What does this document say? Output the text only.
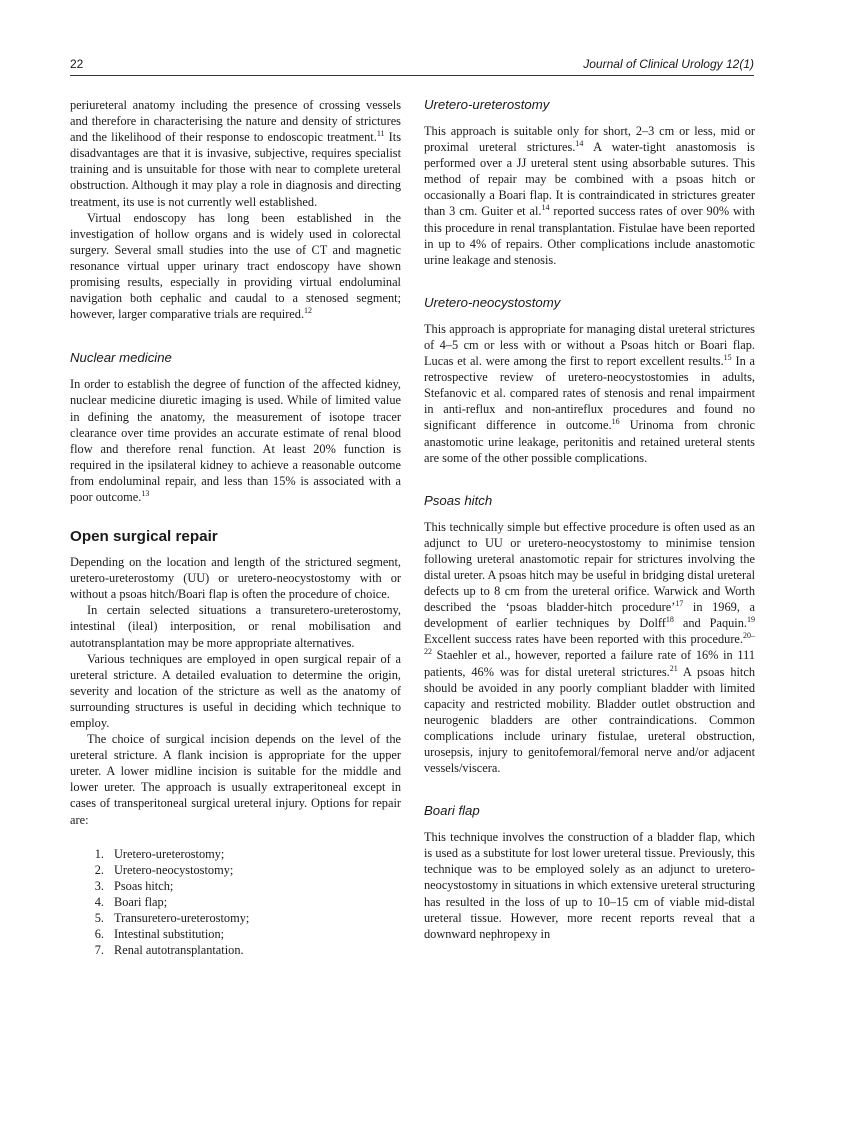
22	Journal of Clinical Urology 12(1)

periureteral anatomy including the presence of crossing vessels and therefore in characterising the nature and density of strictures and the likelihood of their response to endoscopic treatment.$^{11}$ Its disadvantages are that it is invasive, subjective, requires specialist training and is unsuitable for those with near to complete ureteral obstruction. Although it may play a role in diagnosis and directing treatment, its use is not currently well established.

Virtual endoscopy has long been established in the investigation of hollow organs and is widely used in colorectal surgery. Several small studies into the use of CT and magnetic resonance virtual upper urinary tract endoscopy have shown promising results, especially in providing virtual endoluminal navigation both cephalic and caudal to a stenosed segment; however, larger comparative trials are required.$^{12}$

Nuclear medicine

In order to establish the degree of function of the affected kidney, nuclear medicine diuretic imaging is used. While of limited value in defining the anatomy, the measurement of isotope tracer clearance over time provides an accurate estimate of renal blood flow and therefore renal function. At least 20% function is required in the ipsilateral kidney to achieve a reasonable outcome from endoluminal repair, and less than 15% is associated with a poor outcome.$^{13}$

Open surgical repair

Depending on the location and length of the strictured segment, uretero-ureterostomy (UU) or uretero-neocystostomy with or without a psoas hitch/Boari flap is often the procedure of choice.

In certain selected situations a transuretero-ureterostomy, intestinal (ileal) interposition, or renal mobilisation and autotransplantation may be more appropriate alternatives.

Various techniques are employed in open surgical repair of a ureteral stricture. A detailed evaluation to determine the origin, severity and location of the stricture as well as the anatomy of surrounding structures is useful in deciding which technique to employ.

The choice of surgical incision depends on the level of the ureteral stricture. A flank incision is appropriate for the upper ureter. A lower midline incision is suitable for the middle and lower ureter. The approach is usually extraperitoneal except in cases of transperitoneal surgical ureteral injury. Options for repair are:

1. Uretero-ureterostomy;
2. Uretero-neocystostomy;
3. Psoas hitch;
4. Boari flap;
5. Transuretero-ureterostomy;
6. Intestinal substitution;
7. Renal autotransplantation.
Uretero-ureterostomy

This approach is suitable only for short, 2–3 cm or less, mid or proximal ureteral strictures.$^{14}$ A water-tight anastomosis is performed over a JJ ureteral stent using absorbable sutures. This method of repair may be combined with a psoas hitch or occasionally a Boari flap. It is contraindicated in strictures greater than 3 cm. Guiter et al.$^{14}$ reported success rates of over 90% with this procedure in renal transplantation. Fistulae have been reported in up to 4% of repairs. Other complications include anastomotic urine leakage and stenosis.

Uretero-neocystostomy

This approach is appropriate for managing distal ureteral strictures of 4–5 cm or less with or without a Psoas hitch or Boari flap. Lucas et al. were among the first to report excellent results.$^{15}$ In a retrospective review of uretero-neocystostomies in adults, Stefanovic et al. compared rates of stenosis and renal impairment in anti-reflux and non-antireflux procedures and found no significant difference in outcome.$^{16}$ Urinoma from chronic anastomotic urine leakage, peritonitis and retained ureteral stents are some of the other possible complications.

Psoas hitch

This technically simple but effective procedure is often used as an adjunct to UU or uretero-neocystostomy to minimise tension following ureteral anastomotic repair for strictures involving the distal ureter. A psoas hitch may be useful in bridging distal ureteral defects up to 8 cm from the ureteral orifice. Warwick and Worth described the ‘psoas bladder-hitch procedure’$^{17}$ in 1969, a development of earlier techniques by Dolff$^{18}$ and Paquin.$^{19}$ Excellent success rates have been reported with this procedure.$^{20-22}$ Staehler et al., however, reported a failure rate of 16% in 111 patients, 46% was for distal ureteral strictures.$^{21}$ A psoas hitch should be avoided in any poorly compliant bladder with limited capacity and restricted mobility. Bladder outlet obstruction and neurogenic bladders are other contraindications. Common complications include urinary fistulae, ureteral obstruction, urosepsis, injury to genitofemoral/femoral nerve and/or adjacent vessels/viscera.

Boari flap

This technique involves the construction of a bladder flap, which is used as a substitute for lost lower ureteral tissue. Previously, this technique was to be employed solely as an adjunct to uretero-neocystostomy in situations in which extensive ureteral structuring has resulted in the loss of up to 10–15 cm of viable mid-distal ureteral tissue. However, more recent reports reveal that a downward nephropexy in
